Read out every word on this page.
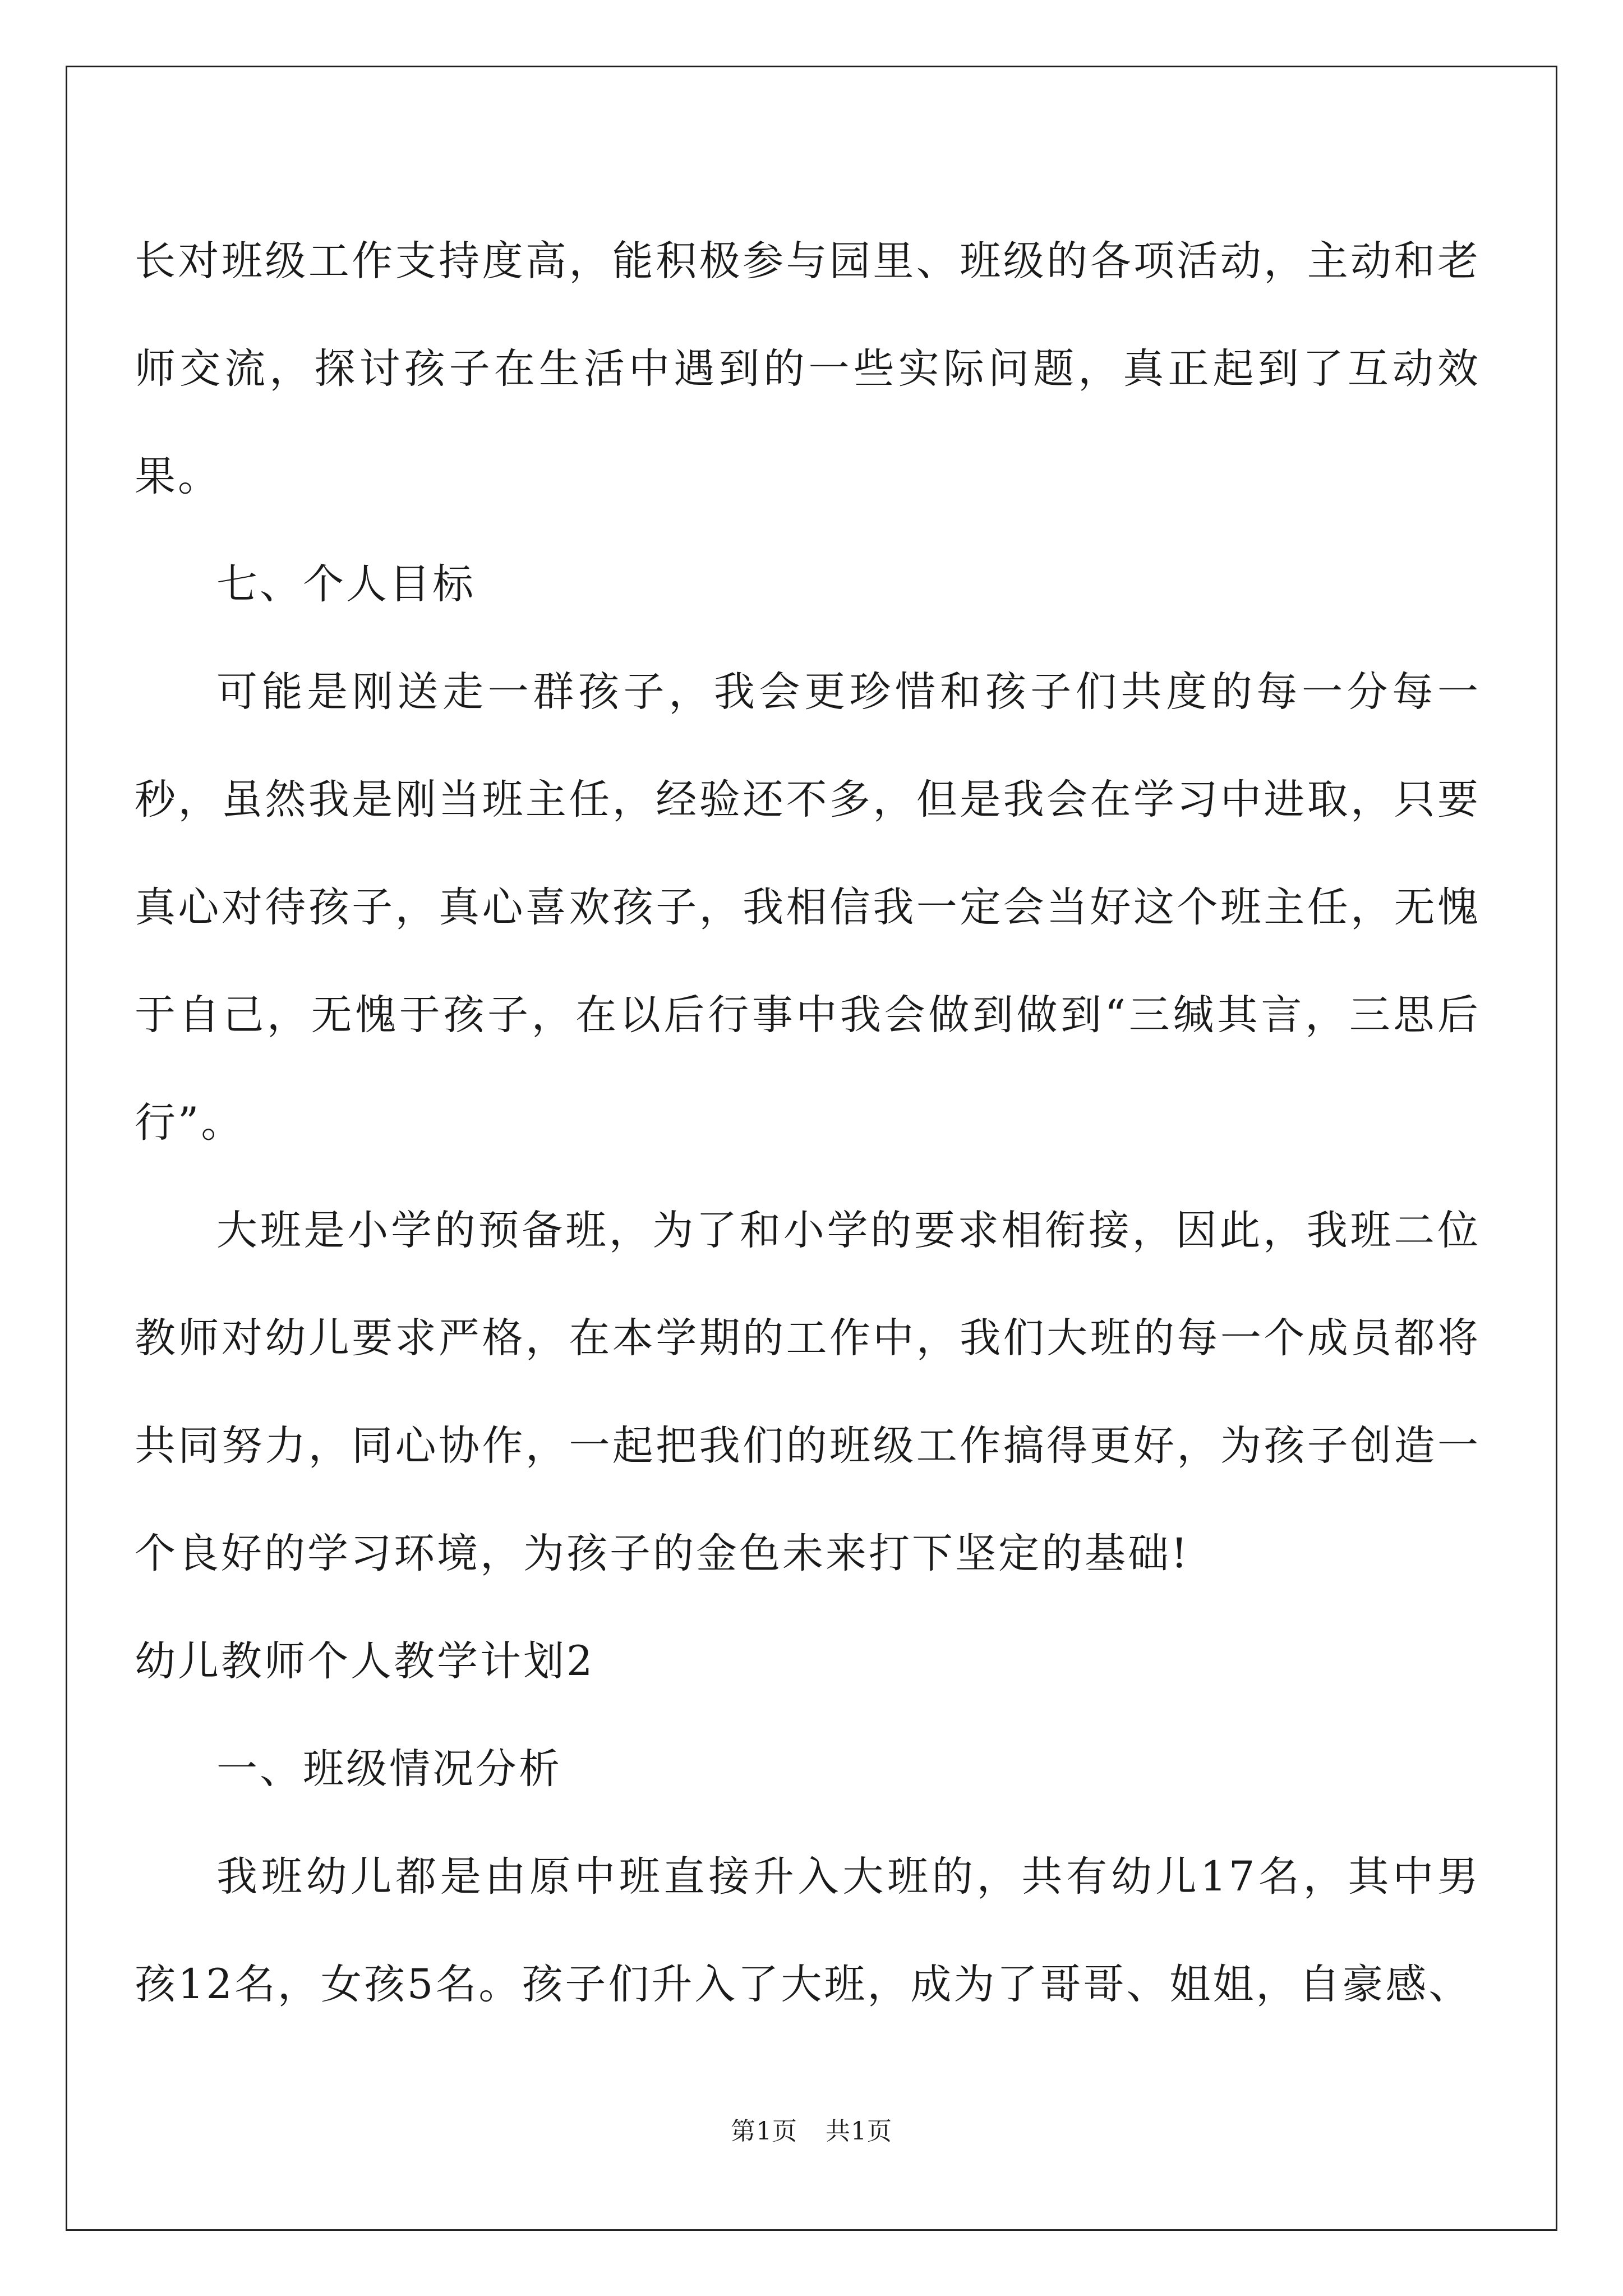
长对班级工作支持度高，能积极参与园里、班级的各项活动，主动和老师交流，探讨孩子在生活中遇到的一些实际问题，真正起到了互动效果。

七、个人目标

可能是刚送走一群孩子，我会更珍惜和孩子们共度的每一分每一秒，虽然我是刚当班主任，经验还不多，但是我会在学习中进取，只要真心对待孩子，真心喜欢孩子，我相信我一定会当好这个班主任，无愧于自己，无愧于孩子，在以后行事中我会做到做到“三缄其言，三思后行”。

大班是小学的预备班，为了和小学的要求相衔接，因此，我班二位教师对幼儿要求严格，在本学期的工作中，我们大班的每一个成员都将共同努力，同心协作，一起把我们的班级工作搞得更好，为孩子创造一个良好的学习环境，为孩子的金色未来打下坚定的基础!

幼儿教师个人教学计划2

一、班级情况分析

我班幼儿都是由原中班直接升入大班的，共有幼儿17名，其中男孩12名，女孩5名。孩子们升入了大班，成为了哥哥、姐姐，自豪感、

第1页 共1页
